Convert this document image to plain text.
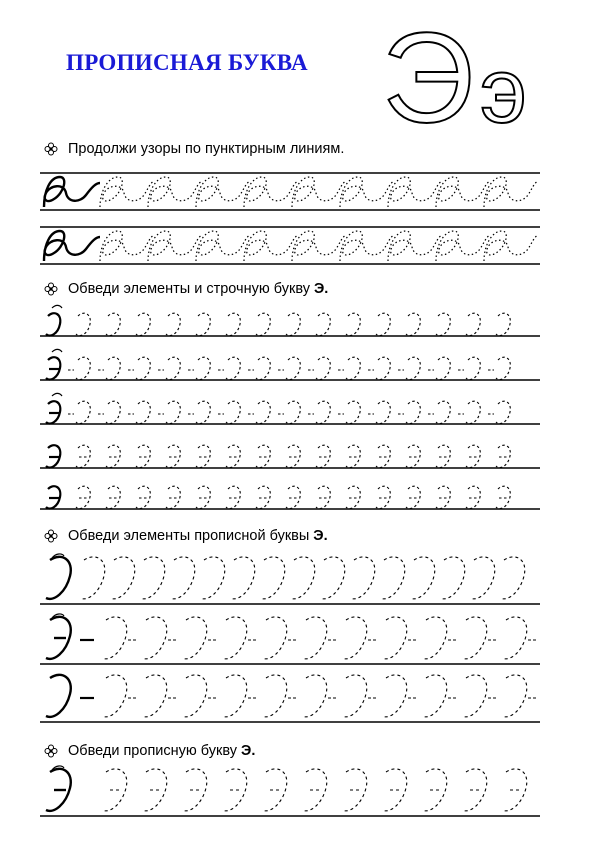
ПРОПИСНАЯ БУКВА Э э
Продолжи узоры по пунктирным линиям.
Обведи элементы и строчную букву Э.
Обведи элементы прописной буквы Э.
Обведи прописную букву Э.
